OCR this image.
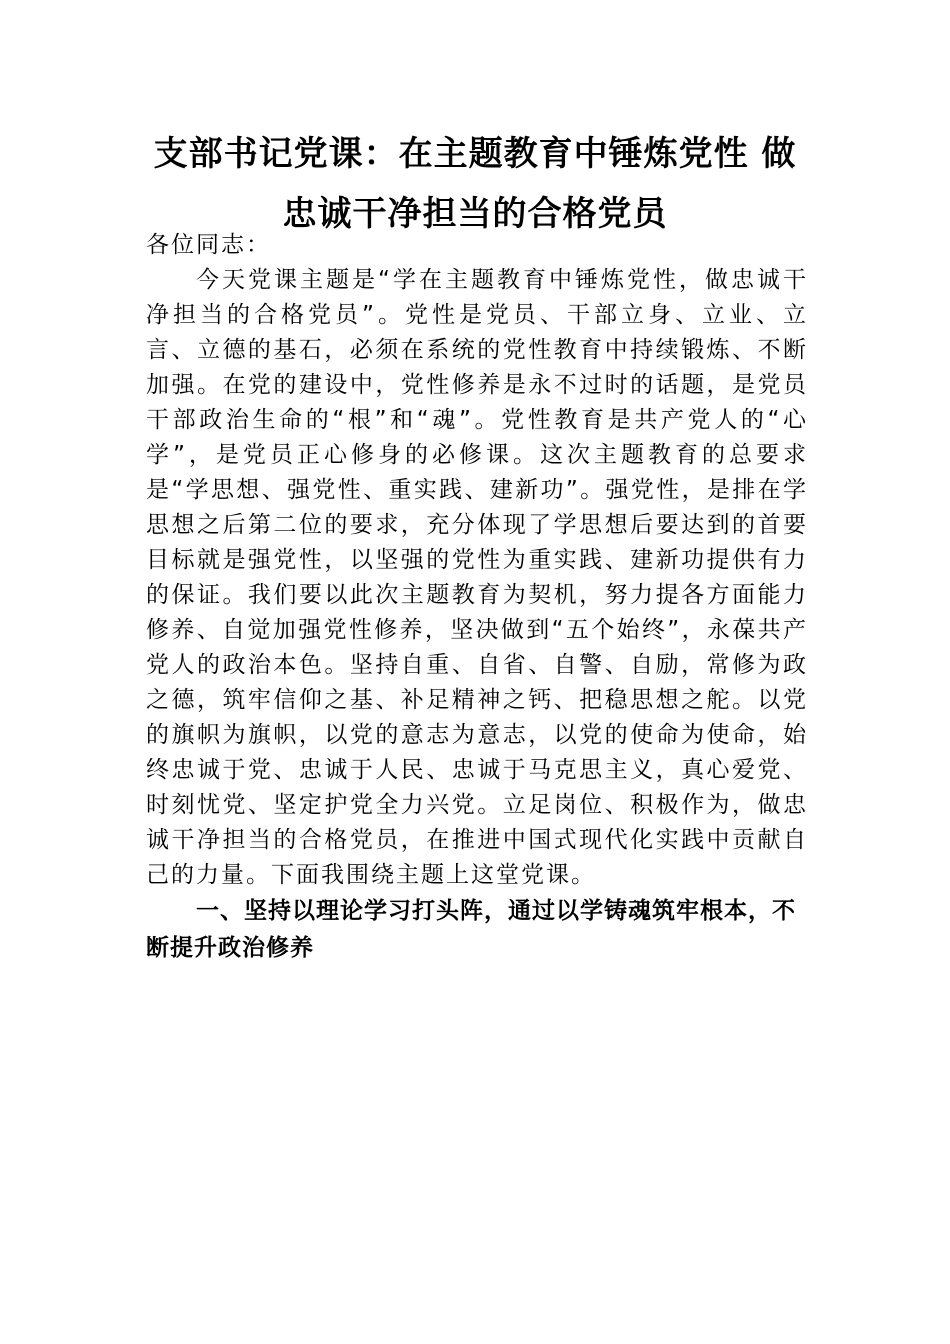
支部书记党课：在主题教育中锤炼党性 做
忠诚干净担当的合格党员

各位同志：

今天党课主题是“学在主题教育中锤炼党性，做忠诚干净担当的合格党员”。党性是党员、干部立身、立业、立言、立德的基石，必须在系统的党性教育中持续锻炼、不断加强。在党的建设中，党性修养是永不过时的话题，是党员干部政治生命的“根”和“魂”。党性教育是共产党人的“心学”，是党员正心修身的必修课。这次主题教育的总要求是“学思想、强党性、重实践、建新功”。强党性，是排在学思想之后第二位的要求，充分体现了学思想后要达到的首要目标就是强党性，以坚强的党性为重实践、建新功提供有力的保证。我们要以此次主题教育为契机，努力提各方面能力修养、自觉加强党性修养，坚决做到“五个始终”，永葆共产党人的政治本色。坚持自重、自省、自警、自励，常修为政之德，筑牢信仰之基、补足精神之钙、把稳思想之舵。以党的旗帜为旗帜，以党的意志为意志，以党的使命为使命，始终忠诚于党、忠诚于人民、忠诚于马克思主义，真心爱党、时刻忧党、坚定护党全力兴党。立足岗位、积极作为，做忠诚干净担当的合格党员，在推进中国式现代化实践中贡献自己的力量。下面我围绕主题上这堂党课。

一、坚持以理论学习打头阵，通过以学铸魂筑牢根本，不断提升政治修养
